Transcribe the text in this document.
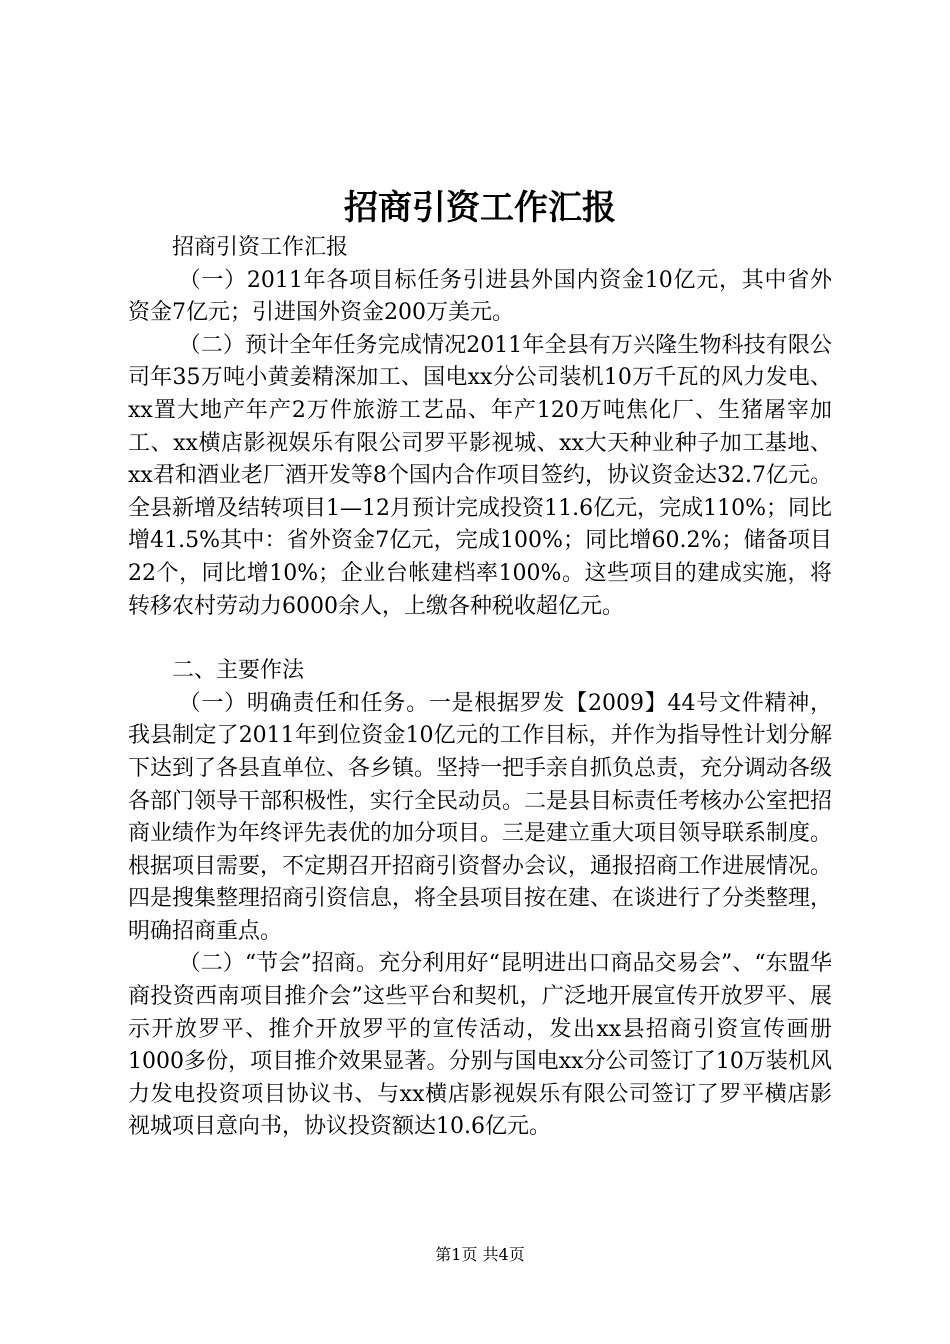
招商引资工作汇报

招商引资工作汇报

（一）2011年各项目标任务引进县外国内资金10亿元，其中省外资金7亿元；引进国外资金200万美元。

（二）预计全年任务完成情况2011年全县有万兴隆生物科技有限公司年35万吨小黄姜精深加工、国电xx分公司装机10万千瓦的风力发电、xx置大地产年产2万件旅游工艺品、年产120万吨焦化厂、生猪屠宰加工、xx横店影视娱乐有限公司罗平影视城、xx大天种业种子加工基地、xx君和酒业老厂酒开发等8个国内合作项目签约，协议资金达32.7亿元。全县新增及结转项目1—12月预计完成投资11.6亿元，完成110%；同比增41.5%其中：省外资金7亿元，完成100%；同比增60.2%；储备项目22个，同比增10%；企业台帐建档率100%。这些项目的建成实施，将转移农村劳动力6000余人，上缴各种税收超亿元。

二、主要作法

（一）明确责任和任务。一是根据罗发【2009】44号文件精神，我县制定了2011年到位资金10亿元的工作目标，并作为指导性计划分解下达到了各县直单位、各乡镇。坚持一把手亲自抓负总责，充分调动各级各部门领导干部积极性，实行全民动员。二是县目标责任考核办公室把招商业绩作为年终评先表优的加分项目。三是建立重大项目领导联系制度。根据项目需要，不定期召开招商引资督办会议，通报招商工作进展情况。四是搜集整理招商引资信息，将全县项目按在建、在谈进行了分类整理，明确招商重点。

（二）“节会”招商。充分利用好“昆明进出口商品交易会”、“东盟华商投资西南项目推介会”这些平台和契机，广泛地开展宣传开放罗平、展示开放罗平、推介开放罗平的宣传活动，发出xx县招商引资宣传画册1000多份，项目推介效果显著。分别与国电xx分公司签订了10万装机风力发电投资项目协议书、与xx横店影视娱乐有限公司签订了罗平横店影视城项目意向书，协议投资额达10.6亿元。

第1页 共4页
